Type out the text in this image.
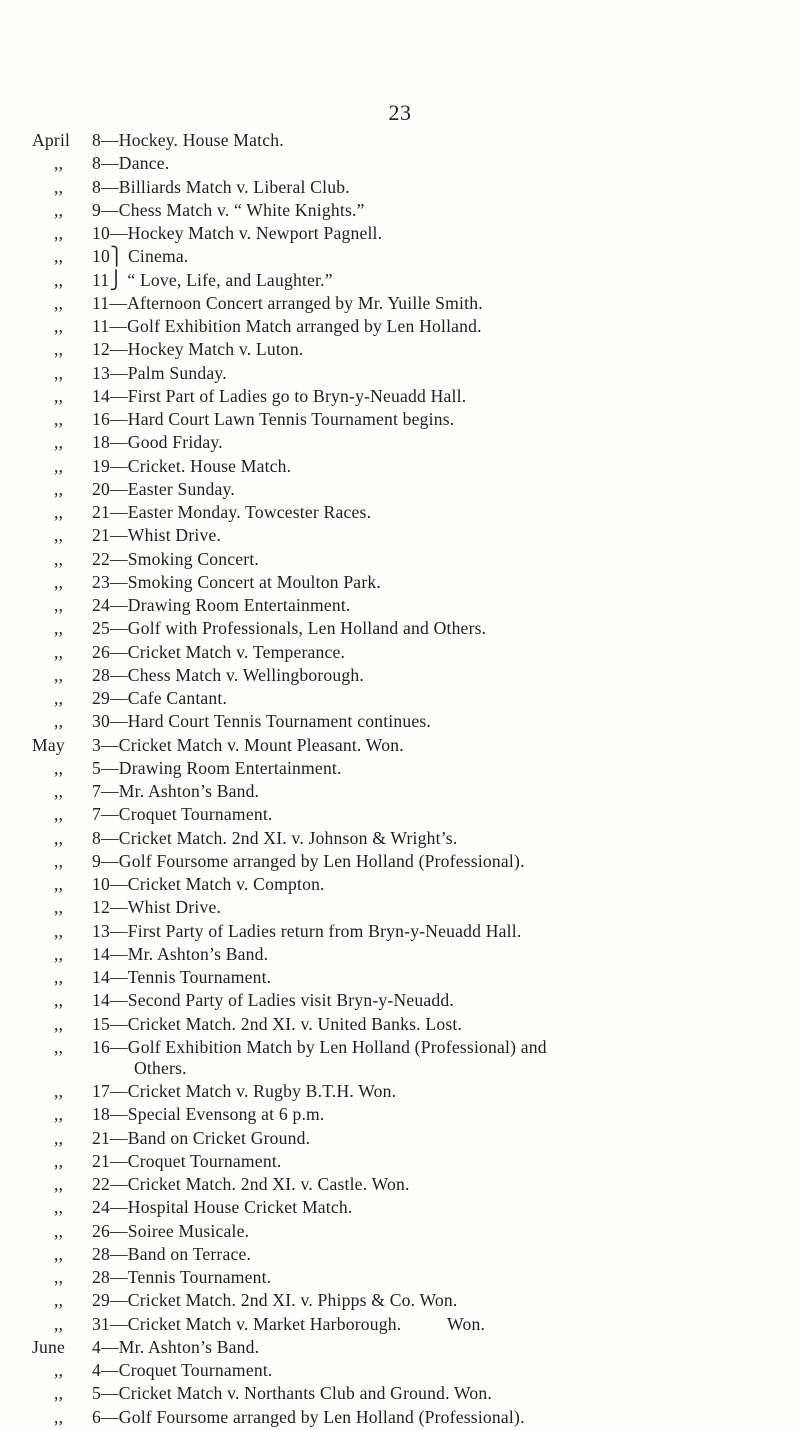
23
April	8—Hockey. House Match.
,,	8—Dance.
,,	8—Billiards Match v. Liberal Club.
,,	9—Chess Match v. “ White Knights.”
,,	10—Hockey Match v. Newport Pagnell.
,,	10⎫ Cinema.
,,	11⎭ “ Love, Life, and Laughter.”
,,	11—Afternoon Concert arranged by Mr. Yuille Smith.
,,	11—Golf Exhibition Match arranged by Len Holland.
,,	12—Hockey Match v. Luton.
,,	13—Palm Sunday.
,,	14—First Part of Ladies go to Bryn-y-Neuadd Hall.
,,	16—Hard Court Lawn Tennis Tournament begins.
,,	18—Good Friday.
,,	19—Cricket. House Match.
,,	20—Easter Sunday.
,,	21—Easter Monday. Towcester Races.
,,	21—Whist Drive.
,,	22—Smoking Concert.
,,	23—Smoking Concert at Moulton Park.
,,	24—Drawing Room Entertainment.
,,	25—Golf with Professionals, Len Holland and Others.
,,	26—Cricket Match v. Temperance.
,,	28—Chess Match v. Wellingborough.
,,	29—Cafe Cantant.
,,	30—Hard Court Tennis Tournament continues.
May	3—Cricket Match v. Mount Pleasant. Won.
,,	5—Drawing Room Entertainment.
,,	7—Mr. Ashton’s Band.
,,	7—Croquet Tournament.
,,	8—Cricket Match. 2nd XI. v. Johnson & Wright’s.
,,	9—Golf Foursome arranged by Len Holland (Professional).
,,	10—Cricket Match v. Compton.
,,	12—Whist Drive.
,,	13—First Party of Ladies return from Bryn-y-Neuadd Hall.
,,	14—Mr. Ashton’s Band.
,,	14—Tennis Tournament.
,,	14—Second Party of Ladies visit Bryn-y-Neuadd.
,,	15—Cricket Match. 2nd XI. v. United Banks. Lost.
,,	16—Golf Exhibition Match by Len Holland (Professional) and
Others.
,,	17—Cricket Match v. Rugby B.T.H. Won.
,,	18—Special Evensong at 6 p.m.
,,	21—Band on Cricket Ground.
,,	21—Croquet Tournament.
,,	22—Cricket Match. 2nd XI. v. Castle. Won.
,,	24—Hospital House Cricket Match.
,,	26—Soiree Musicale.
,,	28—Band on Terrace.
,,	28—Tennis Tournament.
,,	29—Cricket Match. 2nd XI. v. Phipps & Co. Won.
,,	31—Cricket Match v. Market Harborough.          Won.
June	4—Mr. Ashton’s Band.
,,	4—Croquet Tournament.
,,	5—Cricket Match v. Northants Club and Ground. Won.
,,	6—Golf Foursome arranged by Len Holland (Professional).
